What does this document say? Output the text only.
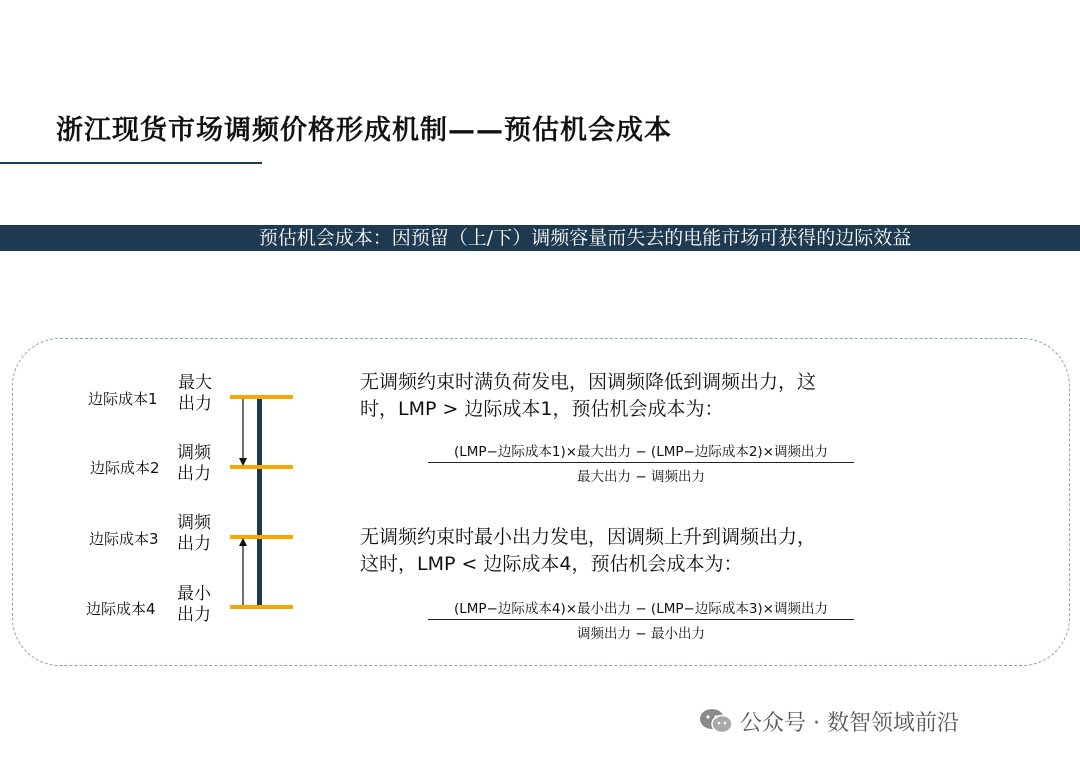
浙江现货市场调频价格形成机制——预估机会成本
预估机会成本：因预留（上/下）调频容量而失去的电能市场可获得的边际效益
边际成本1
边际成本2
边际成本3
边际成本4
最大
出力
调频
出力
调频
出力
最小
出力
无调频约束时满负荷发电，因调频降低到调频出力，这
时，LMP > 边际成本1，预估机会成本为：
(LMP−边际成本1)×最大出力 − (LMP−边际成本2)×调频出力
最大出力 − 调频出力
无调频约束时最小出力发电，因调频上升到调频出力，
这时，LMP < 边际成本4，预估机会成本为：
(LMP−边际成本4)×最小出力 − (LMP−边际成本3)×调频出力
调频出力 − 最小出力
公众号 · 数智领域前沿
